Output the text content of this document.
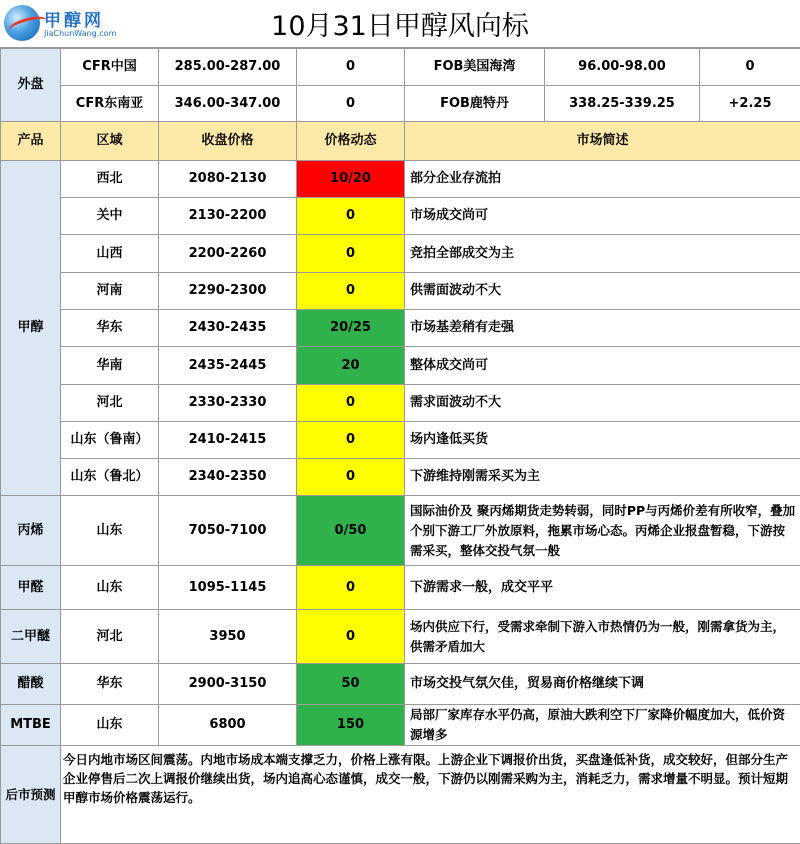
甲醇网
JiaChunWang.com	10月31日甲醇风向标
外盘	CFR中国	285.00-287.00	0	FOB美国海湾	96.00-98.00	0
	CFR东南亚	346.00-347.00	0	FOB鹿特丹	338.25-339.25	+2.25
产品	区域	收盘价格	价格动态	市场简述		
甲醇	西北	2080-2130	10/20	部分企业存流拍		
	关中	2130-2200	0	市场成交尚可		
	山西	2200-2260	0	竞拍全部成交为主		
	河南	2290-2300	0	供需面波动不大		
	华东	2430-2435	20/25	市场基差稍有走强		
	华南	2435-2445	20	整体成交尚可		
	河北	2330-2330	0	需求面波动不大		
	山东（鲁南）	2410-2415	0	场内逢低买货		
	山东（鲁北）	2340-2350	0	下游维持刚需采买为主		
丙烯	山东	7050-7100	0/50	国际油价及 聚丙烯期货走势转弱，同时PP与丙烯价差有所收窄，叠加个别下游工厂外放原料，拖累市场心态。丙烯企业报盘暂稳，下游按需采买，整体交投气氛一般		
甲醛	山东	1095-1145	0	下游需求一般，成交平平		
二甲醚	河北	3950	0	场内供应下行，受需求牵制下游入市热情仍为一般，刚需拿货为主，供需矛盾加大		
醋酸	华东	2900-3150	50	市场交投气氛欠佳，贸易商价格继续下调		
MTBE	山东	6800	150	局部厂家库存水平仍高，原油大跌利空下厂家降价幅度加大，低价资源增多		
后市预测	今日内地市场区间震荡。内地市场成本端支撑乏力，价格上涨有限。上游企业下调报价出货，买盘逢低补货，成交较好，但部分生产企业停售后二次上调报价继续出货，场内追高心态谨慎，成交一般，下游仍以刚需采购为主，消耗乏力，需求增量不明显。预计短期甲醇市场价格震荡运行。					
